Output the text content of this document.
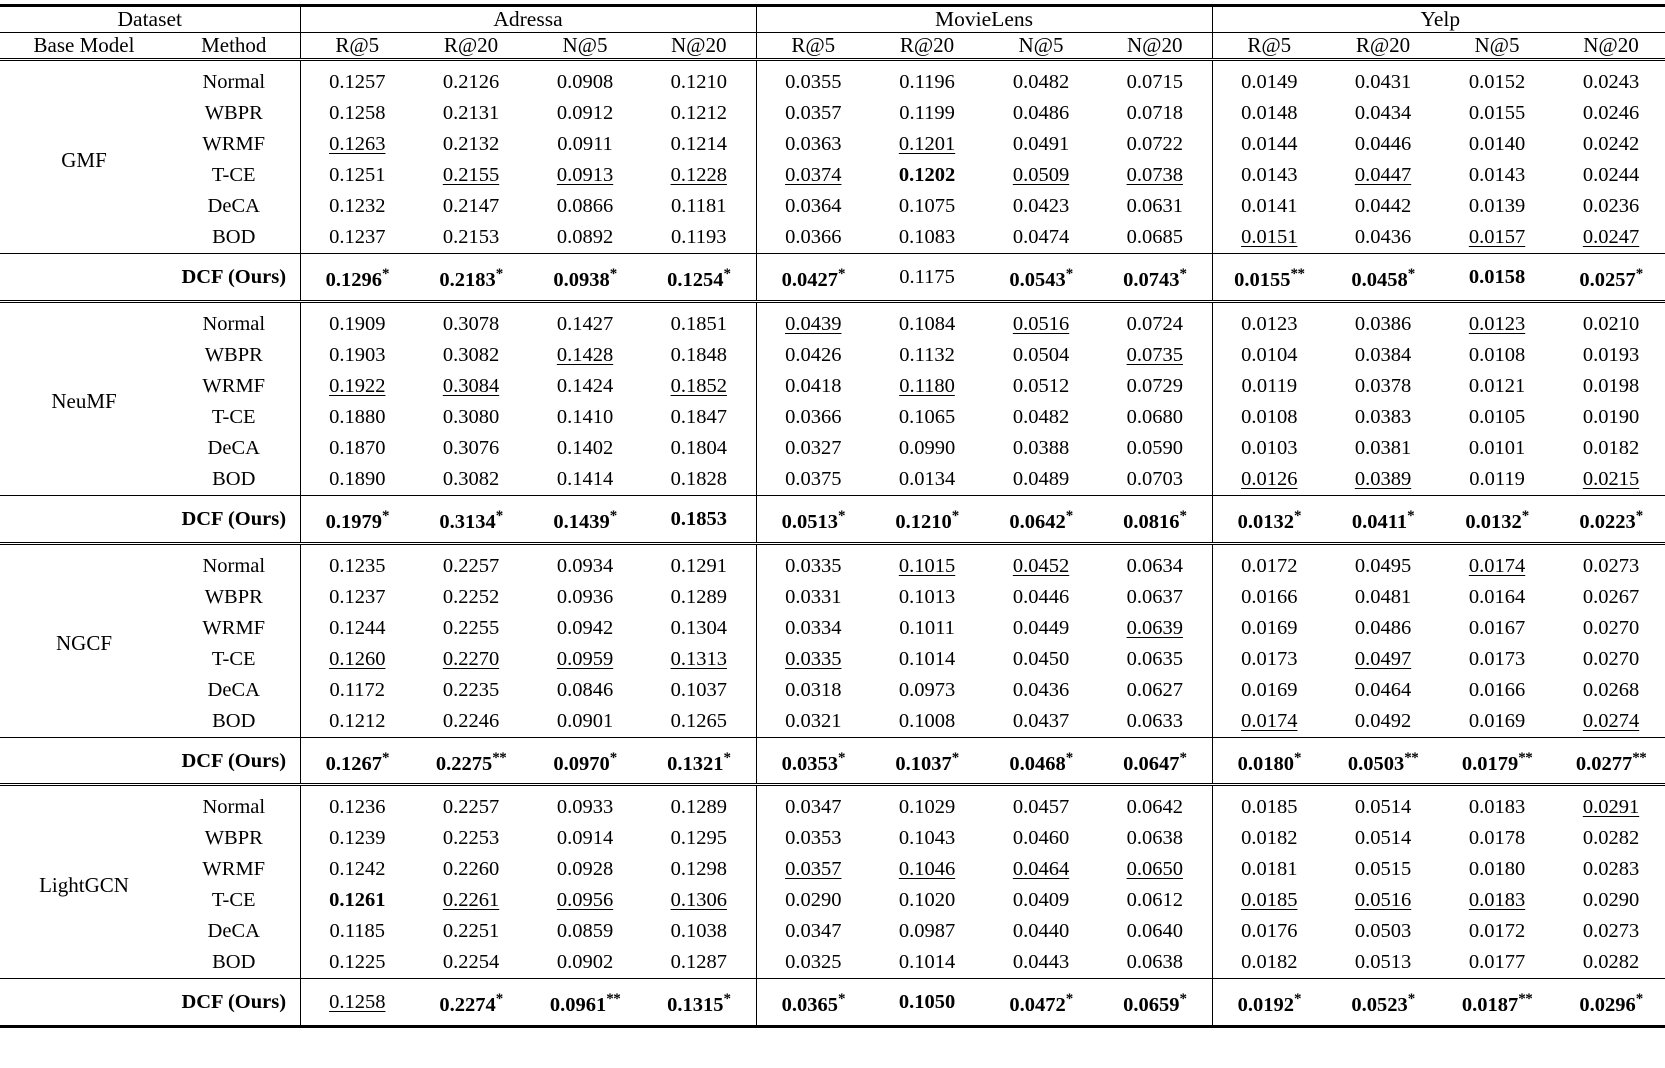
Dataset		Adressa				MovieLens				Yelp			
Base Model	Method	R@5	R@20	N@5	N@20	R@5	R@20	N@5	N@20	R@5	R@20	N@5	N@20
GMF	Normal	0.1257	0.2126	0.0908	0.1210	0.0355	0.1196	0.0482	0.0715	0.0149	0.0431	0.0152	0.0243
	WBPR	0.1258	0.2131	0.0912	0.1212	0.0357	0.1199	0.0486	0.0718	0.0148	0.0434	0.0155	0.0246
	WRMF	0.1263	0.2132	0.0911	0.1214	0.0363	0.1201	0.0491	0.0722	0.0144	0.0446	0.0140	0.0242
	T-CE	0.1251	0.2155	0.0913	0.1228	0.0374	0.1202	0.0509	0.0738	0.0143	0.0447	0.0143	0.0244
	DeCA	0.1232	0.2147	0.0866	0.1181	0.0364	0.1075	0.0423	0.0631	0.0141	0.0442	0.0139	0.0236
	BOD	0.1237	0.2153	0.0892	0.1193	0.0366	0.1083	0.0474	0.0685	0.0151	0.0436	0.0157	0.0247
	DCF (Ours)	0.1296*	0.2183*	0.0938*	0.1254*	0.0427*	0.1175	0.0543*	0.0743*	0.0155**	0.0458*	0.0158	0.0257*
NeuMF	Normal	0.1909	0.3078	0.1427	0.1851	0.0439	0.1084	0.0516	0.0724	0.0123	0.0386	0.0123	0.0210
	WBPR	0.1903	0.3082	0.1428	0.1848	0.0426	0.1132	0.0504	0.0735	0.0104	0.0384	0.0108	0.0193
	WRMF	0.1922	0.3084	0.1424	0.1852	0.0418	0.1180	0.0512	0.0729	0.0119	0.0378	0.0121	0.0198
	T-CE	0.1880	0.3080	0.1410	0.1847	0.0366	0.1065	0.0482	0.0680	0.0108	0.0383	0.0105	0.0190
	DeCA	0.1870	0.3076	0.1402	0.1804	0.0327	0.0990	0.0388	0.0590	0.0103	0.0381	0.0101	0.0182
	BOD	0.1890	0.3082	0.1414	0.1828	0.0375	0.0134	0.0489	0.0703	0.0126	0.0389	0.0119	0.0215
	DCF (Ours)	0.1979*	0.3134*	0.1439*	0.1853	0.0513*	0.1210*	0.0642*	0.0816*	0.0132*	0.0411*	0.0132*	0.0223*
NGCF	Normal	0.1235	0.2257	0.0934	0.1291	0.0335	0.1015	0.0452	0.0634	0.0172	0.0495	0.0174	0.0273
	WBPR	0.1237	0.2252	0.0936	0.1289	0.0331	0.1013	0.0446	0.0637	0.0166	0.0481	0.0164	0.0267
	WRMF	0.1244	0.2255	0.0942	0.1304	0.0334	0.1011	0.0449	0.0639	0.0169	0.0486	0.0167	0.0270
	T-CE	0.1260	0.2270	0.0959	0.1313	0.0335	0.1014	0.0450	0.0635	0.0173	0.0497	0.0173	0.0270
	DeCA	0.1172	0.2235	0.0846	0.1037	0.0318	0.0973	0.0436	0.0627	0.0169	0.0464	0.0166	0.0268
	BOD	0.1212	0.2246	0.0901	0.1265	0.0321	0.1008	0.0437	0.0633	0.0174	0.0492	0.0169	0.0274
	DCF (Ours)	0.1267*	0.2275**	0.0970*	0.1321*	0.0353*	0.1037*	0.0468*	0.0647*	0.0180*	0.0503**	0.0179**	0.0277**
LightGCN	Normal	0.1236	0.2257	0.0933	0.1289	0.0347	0.1029	0.0457	0.0642	0.0185	0.0514	0.0183	0.0291
	WBPR	0.1239	0.2253	0.0914	0.1295	0.0353	0.1043	0.0460	0.0638	0.0182	0.0514	0.0178	0.0282
	WRMF	0.1242	0.2260	0.0928	0.1298	0.0357	0.1046	0.0464	0.0650	0.0181	0.0515	0.0180	0.0283
	T-CE	0.1261	0.2261	0.0956	0.1306	0.0290	0.1020	0.0409	0.0612	0.0185	0.0516	0.0183	0.0290
	DeCA	0.1185	0.2251	0.0859	0.1038	0.0347	0.0987	0.0440	0.0640	0.0176	0.0503	0.0172	0.0273
	BOD	0.1225	0.2254	0.0902	0.1287	0.0325	0.1014	0.0443	0.0638	0.0182	0.0513	0.0177	0.0282
	DCF (Ours)	0.1258	0.2274*	0.0961**	0.1315*	0.0365*	0.1050	0.0472*	0.0659*	0.0192*	0.0523*	0.0187**	0.0296*
